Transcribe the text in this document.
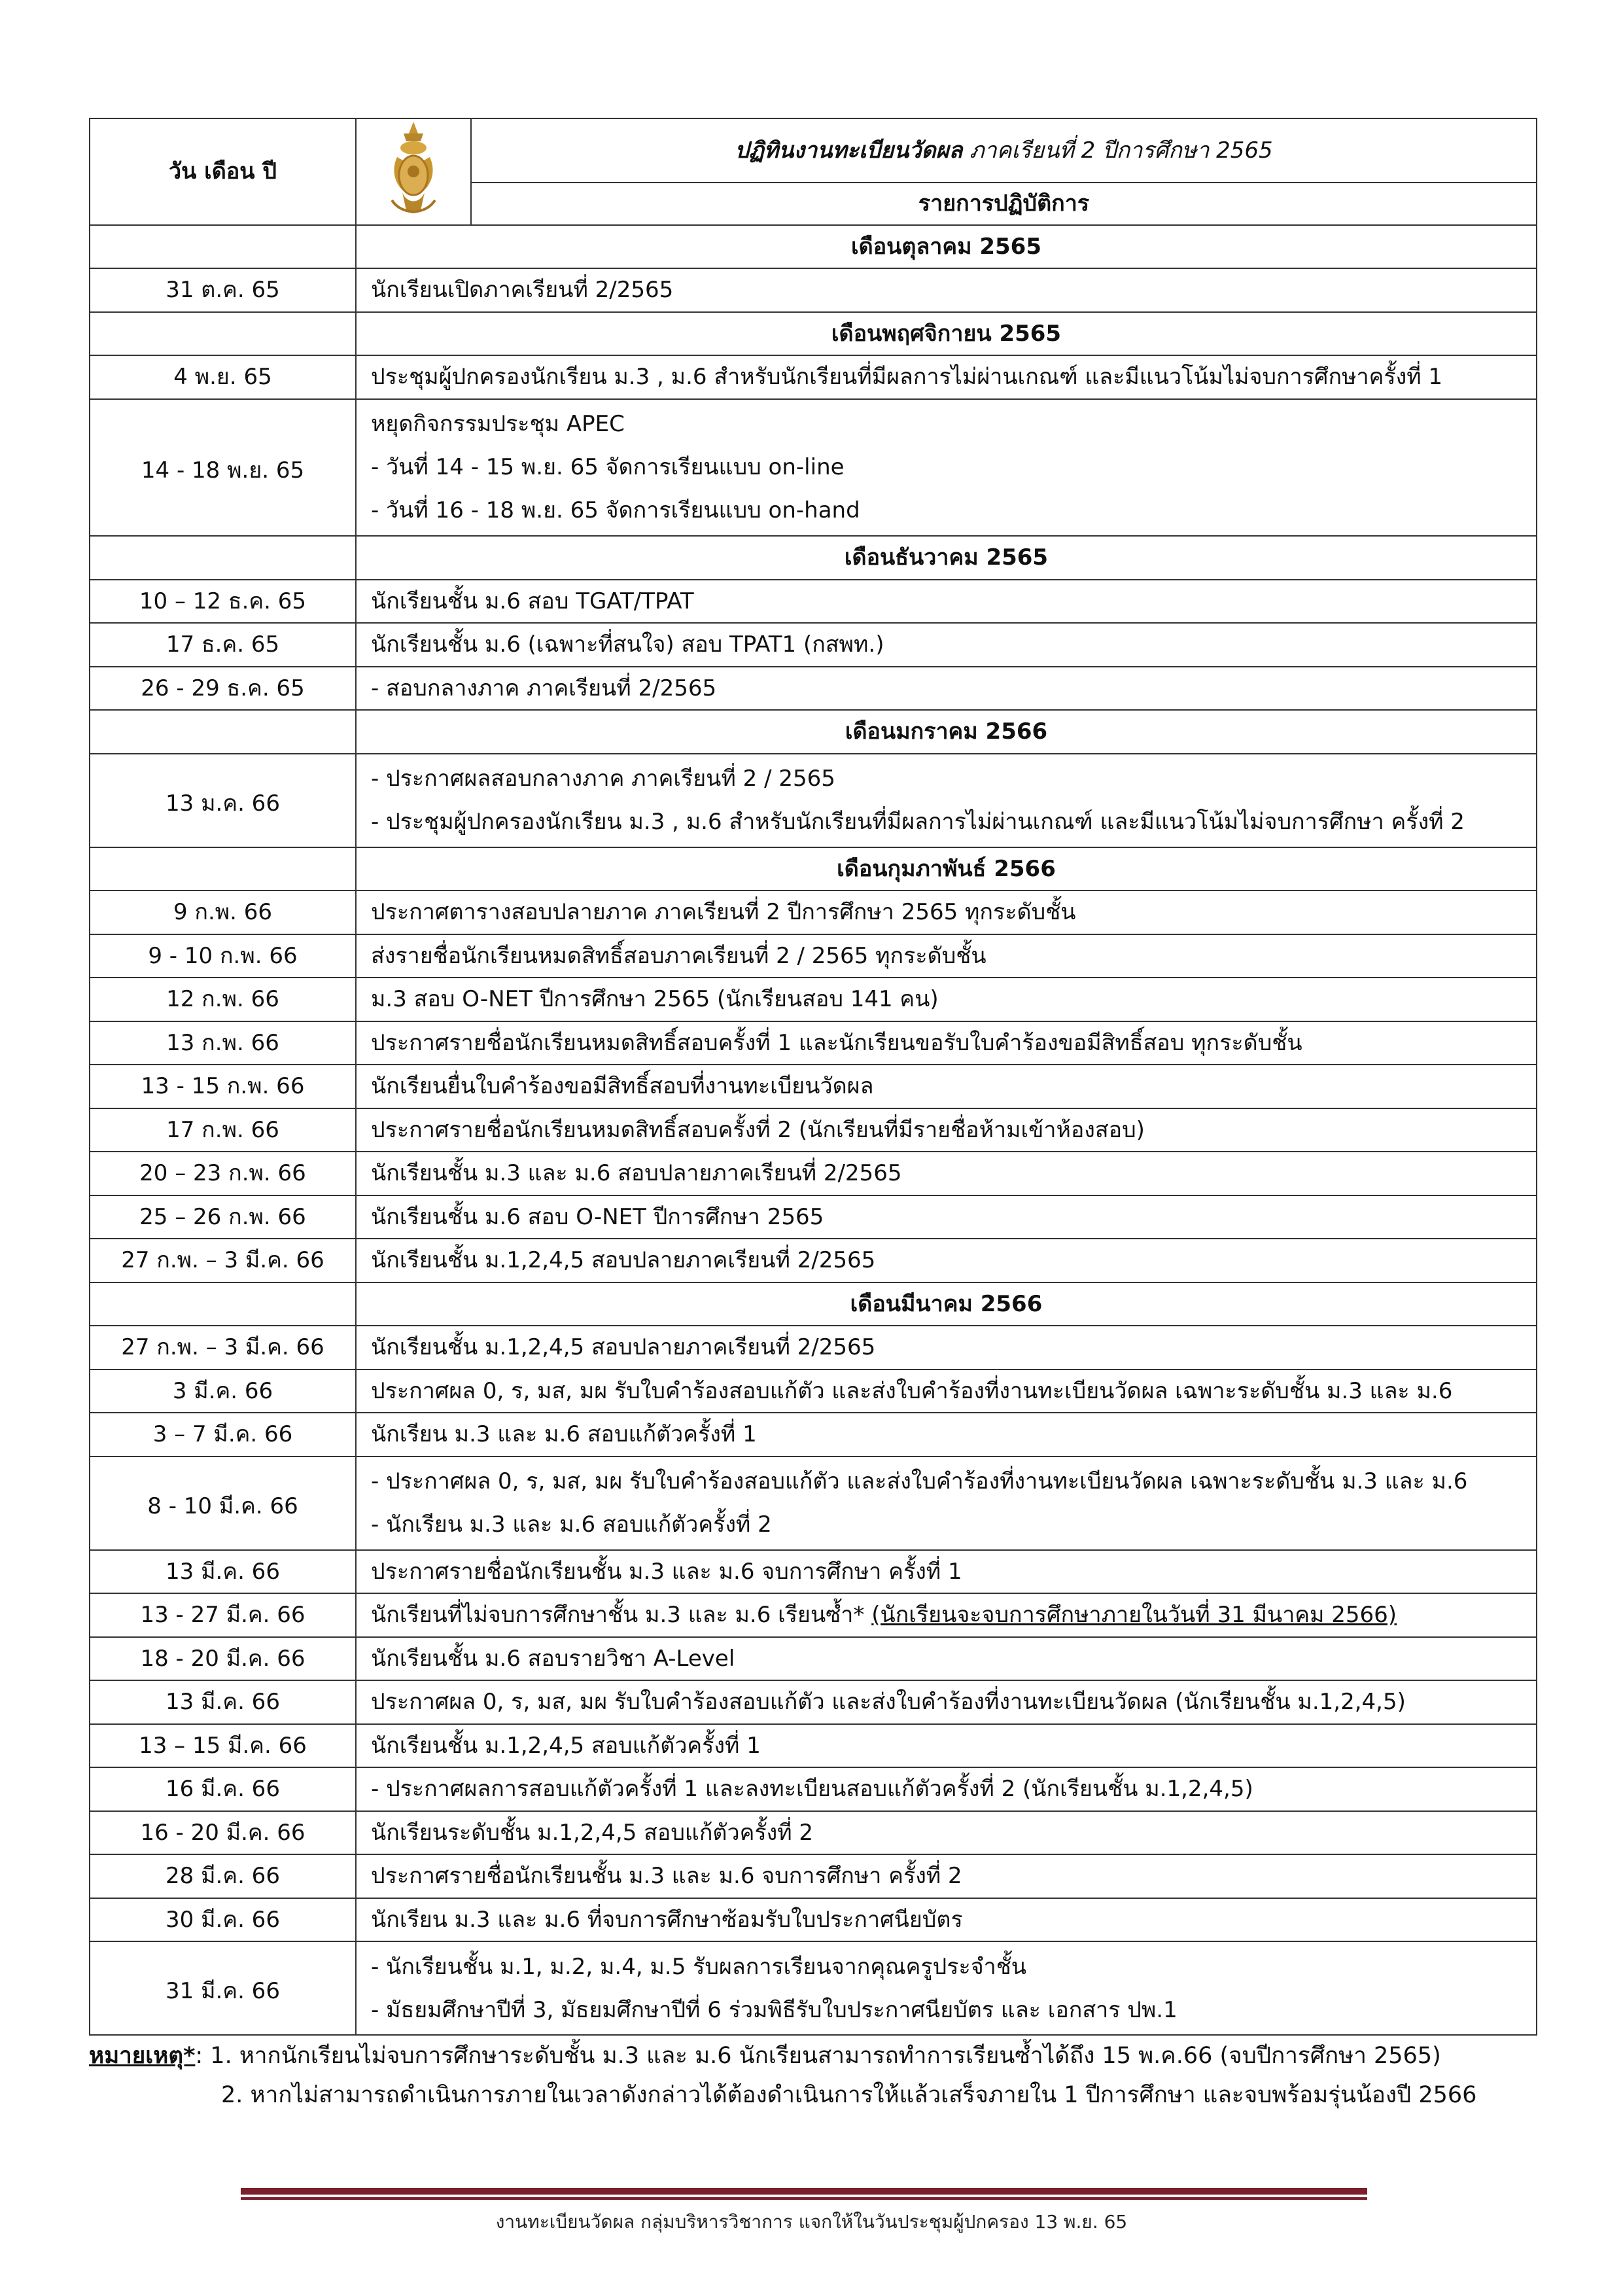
วัน เดือน ปี		ปฏิทินงานทะเบียนวัดผล ภาคเรียนที่ 2 ปีการศึกษา 2565
		รายการปฏิบัติการ
	เดือนตุลาคม 2565	
31 ต.ค. 65	นักเรียนเปิดภาคเรียนที่ 2/2565	
	เดือนพฤศจิกายน 2565	
4 พ.ย. 65	ประชุมผู้ปกครองนักเรียน ม.3 , ม.6 สำหรับนักเรียนที่มีผลการไม่ผ่านเกณฑ์ และมีแนวโน้มไม่จบการศึกษาครั้งที่ 1	
14 - 18 พ.ย. 65	หยุดกิจกรรมประชุม APEC
- วันที่ 14 - 15 พ.ย. 65 จัดการเรียนแบบ on-line
- วันที่ 16 - 18 พ.ย. 65 จัดการเรียนแบบ on-hand	

	เดือนธันวาคม 2565	
10 – 12 ธ.ค. 65	นักเรียนชั้น ม.6 สอบ TGAT/TPAT	
17 ธ.ค. 65	นักเรียนชั้น ม.6 (เฉพาะที่สนใจ) สอบ TPAT1 (กสพท.)	
26 - 29 ธ.ค. 65	- สอบกลางภาค ภาคเรียนที่ 2/2565	
	เดือนมกราคม 2566	
13 ม.ค. 66	- ประกาศผลสอบกลางภาค ภาคเรียนที่ 2 / 2565
- ประชุมผู้ปกครองนักเรียน ม.3 , ม.6 สำหรับนักเรียนที่มีผลการไม่ผ่านเกณฑ์ และมีแนวโน้มไม่จบการศึกษา ครั้งที่ 2	

	เดือนกุมภาพันธ์ 2566	
9 ก.พ. 66	ประกาศตารางสอบปลายภาค ภาคเรียนที่ 2 ปีการศึกษา 2565 ทุกระดับชั้น	
9 - 10 ก.พ. 66	ส่งรายชื่อนักเรียนหมดสิทธิ์สอบภาคเรียนที่ 2 / 2565 ทุกระดับชั้น	
12 ก.พ. 66	ม.3 สอบ O-NET ปีการศึกษา 2565 (นักเรียนสอบ 141 คน)	
13 ก.พ. 66	ประกาศรายชื่อนักเรียนหมดสิทธิ์สอบครั้งที่ 1 และนักเรียนขอรับใบคำร้องขอมีสิทธิ์สอบ ทุกระดับชั้น	
13 - 15 ก.พ. 66	นักเรียนยื่นใบคำร้องขอมีสิทธิ์สอบที่งานทะเบียนวัดผล	
17 ก.พ. 66	ประกาศรายชื่อนักเรียนหมดสิทธิ์สอบครั้งที่ 2 (นักเรียนที่มีรายชื่อห้ามเข้าห้องสอบ)	
20 – 23 ก.พ. 66	นักเรียนชั้น ม.3 และ ม.6 สอบปลายภาคเรียนที่ 2/2565	
25 – 26 ก.พ. 66	นักเรียนชั้น ม.6 สอบ O-NET ปีการศึกษา 2565	
27 ก.พ. – 3 มี.ค. 66	นักเรียนชั้น ม.1,2,4,5 สอบปลายภาคเรียนที่ 2/2565	
	เดือนมีนาคม 2566	
27 ก.พ. – 3 มี.ค. 66	นักเรียนชั้น ม.1,2,4,5 สอบปลายภาคเรียนที่ 2/2565	
3 มี.ค. 66	ประกาศผล 0, ร, มส, มผ รับใบคำร้องสอบแก้ตัว และส่งใบคำร้องที่งานทะเบียนวัดผล เฉพาะระดับชั้น ม.3 และ ม.6	
3 – 7 มี.ค. 66	นักเรียน ม.3 และ ม.6 สอบแก้ตัวครั้งที่ 1	
8 - 10 มี.ค. 66	- ประกาศผล 0, ร, มส, มผ รับใบคำร้องสอบแก้ตัว และส่งใบคำร้องที่งานทะเบียนวัดผล เฉพาะระดับชั้น ม.3 และ ม.6
- นักเรียน ม.3 และ ม.6 สอบแก้ตัวครั้งที่ 2	

13 มี.ค. 66	ประกาศรายชื่อนักเรียนชั้น ม.3 และ ม.6 จบการศึกษา ครั้งที่ 1	
13 - 27 มี.ค. 66	นักเรียนที่ไม่จบการศึกษาชั้น ม.3 และ ม.6 เรียนซ้ำ* (นักเรียนจะจบการศึกษาภายในวันที่ 31 มีนาคม 2566)	
18 - 20 มี.ค. 66	นักเรียนชั้น ม.6 สอบรายวิชา A-Level	
13 มี.ค. 66	ประกาศผล 0, ร, มส, มผ รับใบคำร้องสอบแก้ตัว และส่งใบคำร้องที่งานทะเบียนวัดผล (นักเรียนชั้น ม.1,2,4,5)	
13 – 15 มี.ค. 66	นักเรียนชั้น ม.1,2,4,5 สอบแก้ตัวครั้งที่ 1	
16 มี.ค. 66	- ประกาศผลการสอบแก้ตัวครั้งที่ 1 และลงทะเบียนสอบแก้ตัวครั้งที่ 2 (นักเรียนชั้น ม.1,2,4,5)	
16 - 20 มี.ค. 66	นักเรียนระดับชั้น ม.1,2,4,5 สอบแก้ตัวครั้งที่ 2	
28 มี.ค. 66	ประกาศรายชื่อนักเรียนชั้น ม.3 และ ม.6 จบการศึกษา ครั้งที่ 2	
30 มี.ค. 66	นักเรียน ม.3 และ ม.6 ที่จบการศึกษาซ้อมรับใบประกาศนียบัตร	
31 มี.ค. 66	- นักเรียนชั้น ม.1, ม.2, ม.4, ม.5 รับผลการเรียนจากคุณครูประจำชั้น
- มัธยมศึกษาปีที่ 3, มัธยมศึกษาปีที่ 6 ร่วมพิธีรับใบประกาศนียบัตร และ เอกสาร ปพ.1	
หมายเหตุ*: 1. หากนักเรียนไม่จบการศึกษาระดับชั้น ม.3 และ ม.6 นักเรียนสามารถทำการเรียนซ้ำได้ถึง 15 พ.ค.66 (จบปีการศึกษา 2565)
2. หากไม่สามารถดำเนินการภายในเวลาดังกล่าวได้ต้องดำเนินการให้แล้วเสร็จภายใน 1 ปีการศึกษา และจบพร้อมรุ่นน้องปี 2566
งานทะเบียนวัดผล กลุ่มบริหารวิชาการ แจกให้ในวันประชุมผู้ปกครอง 13 พ.ย. 65
